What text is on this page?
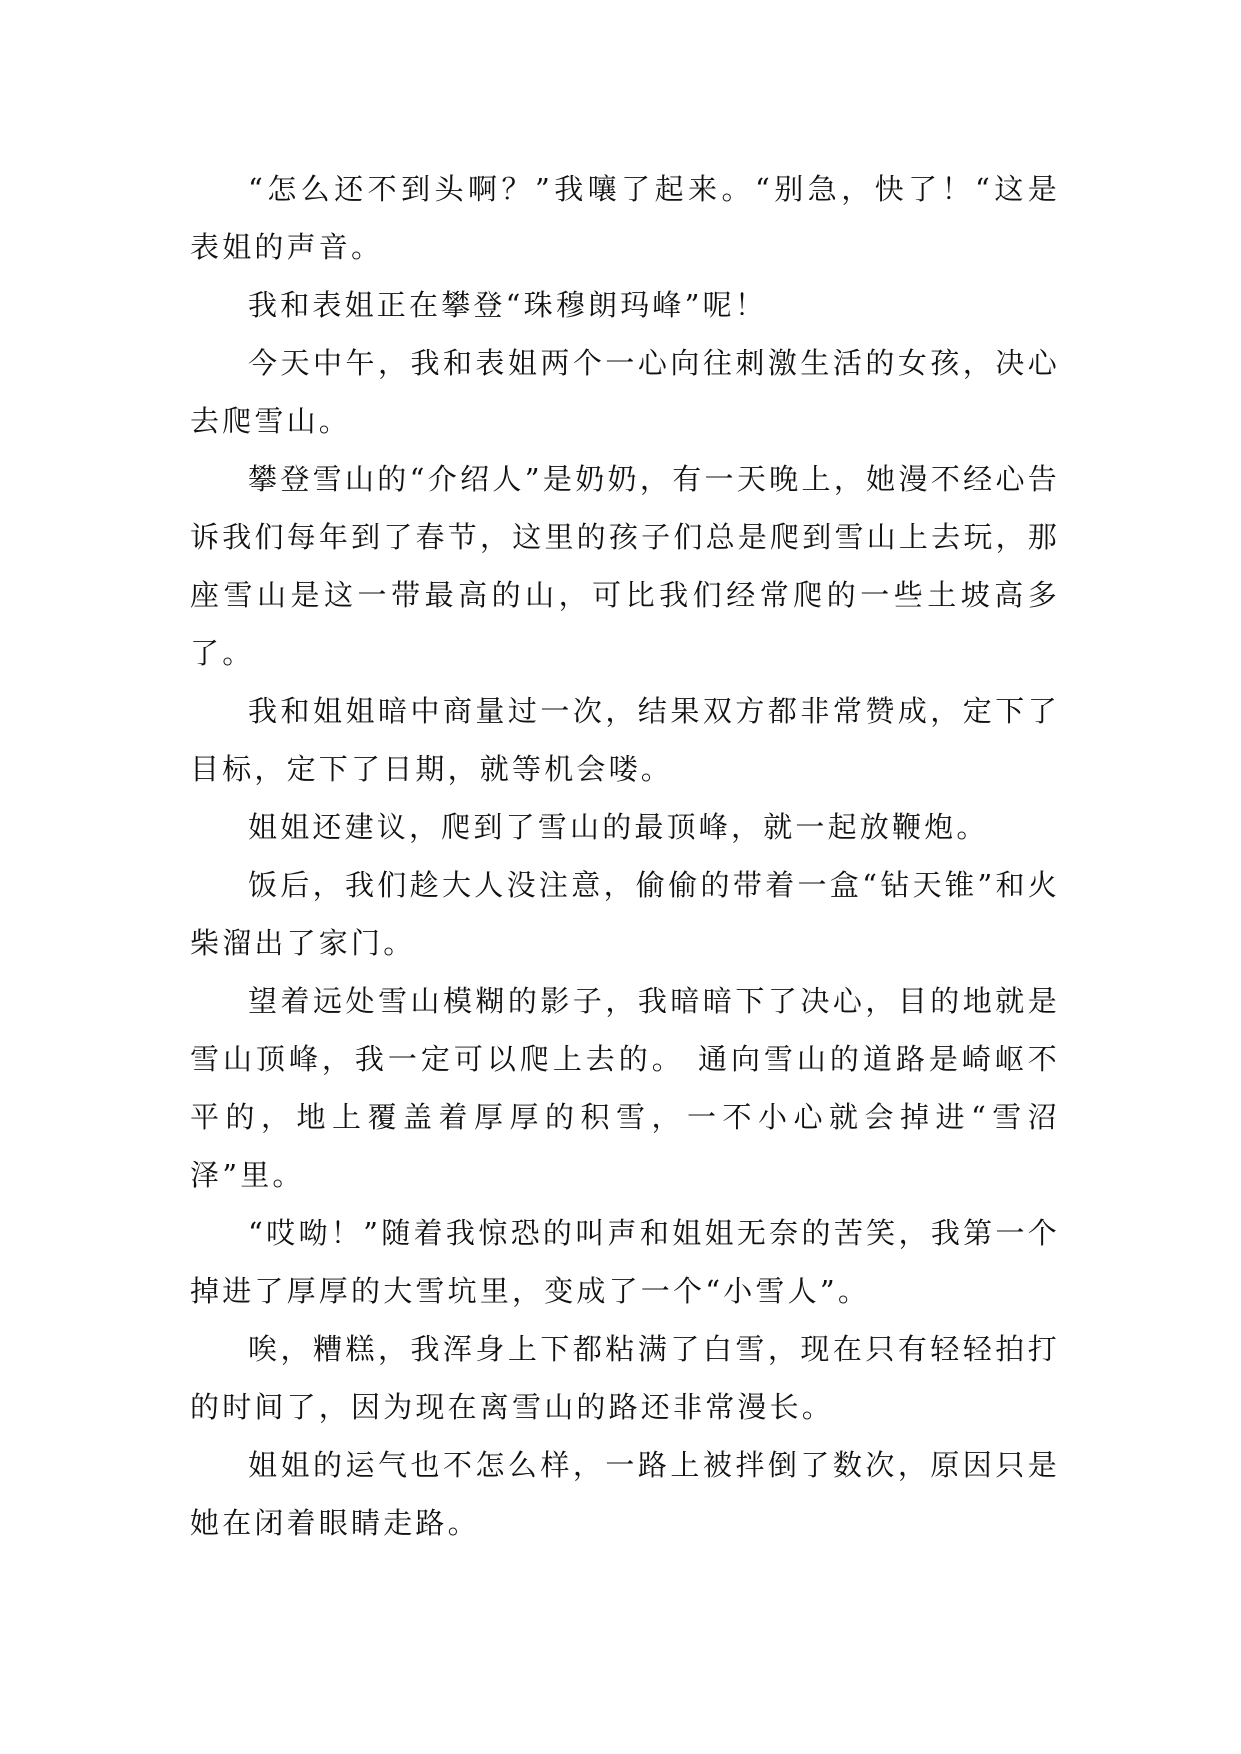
“怎么还不到头啊？”我嚷了起来。“别急，快了！“这是表姐的声音。

我和表姐正在攀登“珠穆朗玛峰”呢！

今天中午，我和表姐两个一心向往刺激生活的女孩，决心去爬雪山。

攀登雪山的“介绍人”是奶奶，有一天晚上，她漫不经心告诉我们每年到了春节，这里的孩子们总是爬到雪山上去玩，那座雪山是这一带最高的山，可比我们经常爬的一些土坡高多了。

我和姐姐暗中商量过一次，结果双方都非常赞成，定下了目标，定下了日期，就等机会喽。

姐姐还建议，爬到了雪山的最顶峰，就一起放鞭炮。

饭后，我们趁大人没注意，偷偷的带着一盒“钻天锥”和火柴溜出了家门。

望着远处雪山模糊的影子，我暗暗下了决心，目的地就是雪山顶峰，我一定可以爬上去的。 通向雪山的道路是崎岖不平的，地上覆盖着厚厚的积雪，一不小心就会掉进“雪沼泽”里。

“哎呦！”随着我惊恐的叫声和姐姐无奈的苦笑，我第一个掉进了厚厚的大雪坑里，变成了一个“小雪人”。

唉，糟糕，我浑身上下都粘满了白雪，现在只有轻轻拍打的时间了，因为现在离雪山的路还非常漫长。

姐姐的运气也不怎么样，一路上被拌倒了数次，原因只是她在闭着眼睛走路。
